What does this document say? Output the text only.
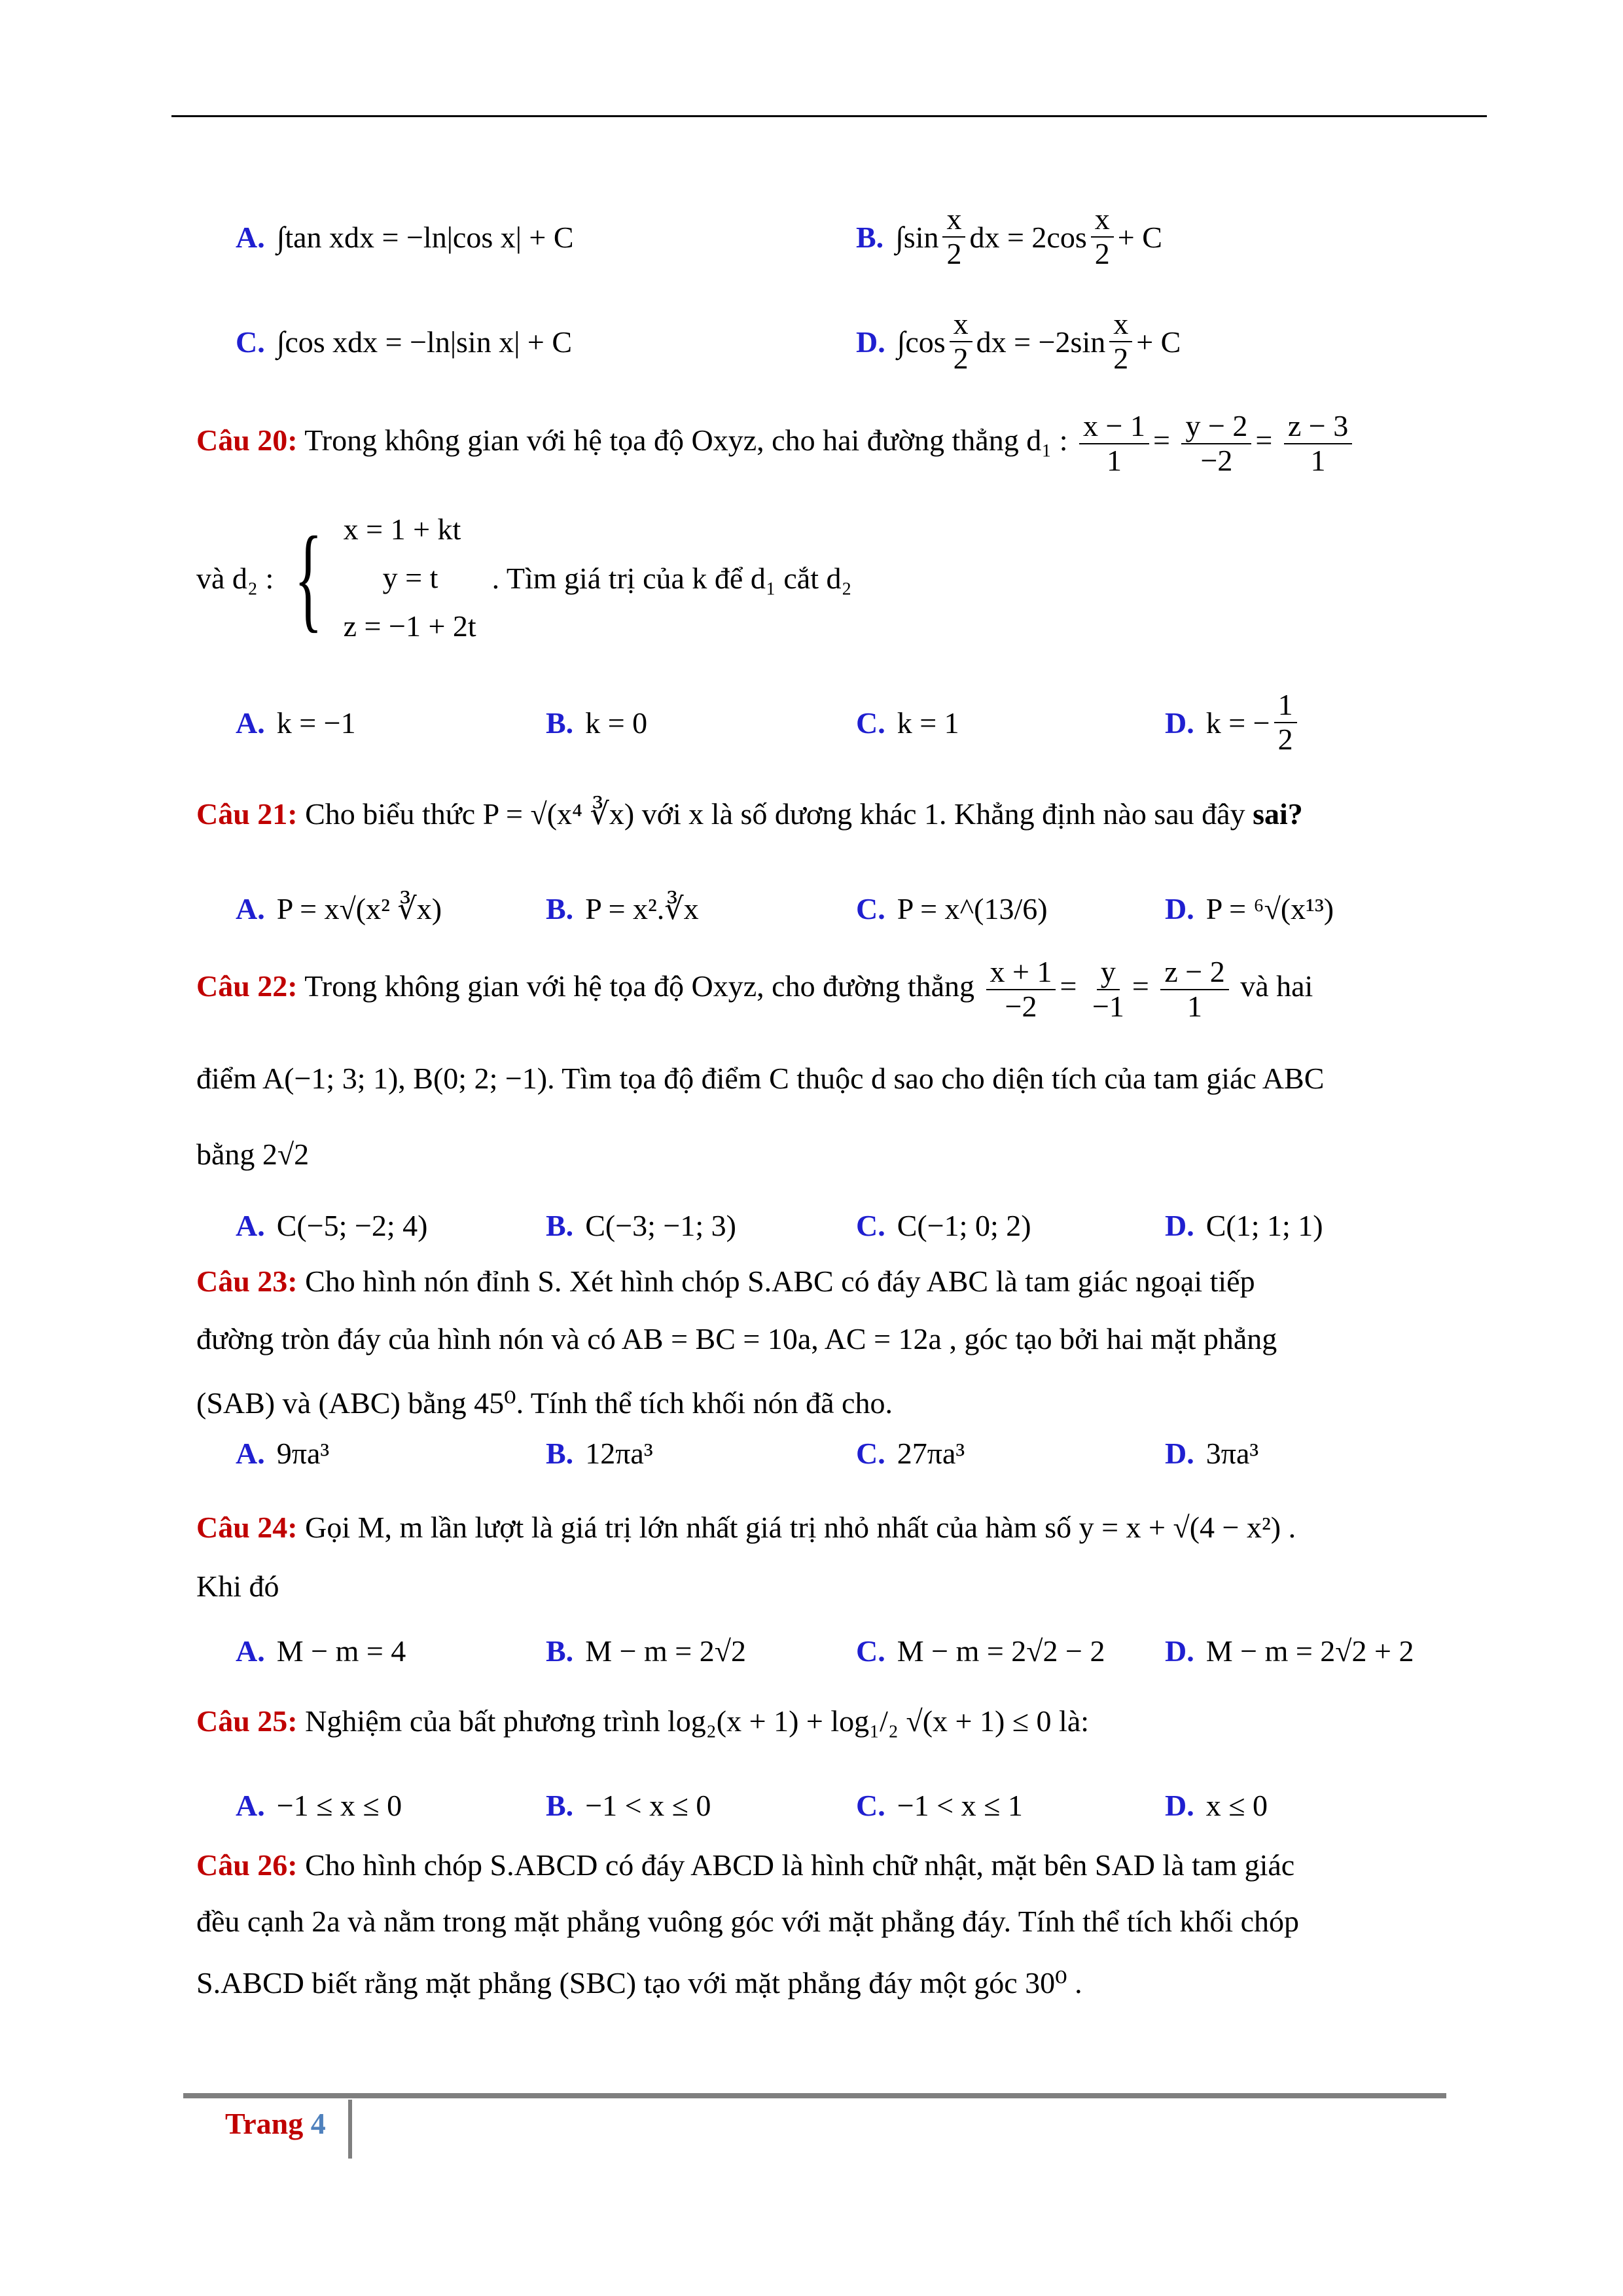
A. ∫tan xdx = −ln|cos x| + C	B. $\int\sin \frac{x}{2}$ dx = $2\cos \frac{x}{2} + C$
C. ∫cos xdx = −ln|sin x| + C	D. $\int\cos \frac{x}{2}$ dx = $-2\sin \frac{x}{2} + C$
Câu 20: Trong không gian với hệ tọa độ Oxyz, cho hai đường thẳng d₁ : $\frac{x - 1}{1} = \frac{y - 2}{-2} = \frac{z - 3}{1}$
và d₂ : { x = 1 + kt
y = t
z = −1 + 2t
. Tìm giá trị của k để d₁ cắt d₂
A. k = −1	B. k = 0	C. k = 1	D. k = − $\frac{1}{2}$
Câu 21: Cho biểu thức P = √(x⁴ ∛x) với x là số dương khác 1. Khẳng định nào sau đây sai?
A. P = x√(x² ∛x)	B. P = x².∛x	C. P = x^(13/6)	D. P = ⁶√(x¹³)
Câu 22: Trong không gian với hệ tọa độ Oxyz, cho đường thẳng $\frac{x + 1}{-2} = \frac{y}{-1} = \frac{z - 2}{1}$ và hai
điểm A(−1; 3; 1), B(0; 2; −1). Tìm tọa độ điểm C thuộc d sao cho diện tích của tam giác ABC
bằng 2√2
A. C(−5; −2; 4)	B. C(−3; −1; 3)	C. C(−1; 0; 2)	D. C(1; 1; 1)
Câu 23: Cho hình nón đỉnh S. Xét hình chóp S.ABC có đáy ABC là tam giác ngoại tiếp
đường tròn đáy của hình nón và có AB = BC = 10a, AC = 12a , góc tạo bởi hai mặt phẳng
(SAB) và (ABC) bằng 45⁰. Tính thể tích khối nón đã cho.
A. 9πa³	B. 12πa³	C. 27πa³	D. 3πa³
Câu 24: Gọi M, m lần lượt là giá trị lớn nhất giá trị nhỏ nhất của hàm số y = x + √(4 − x²) .
Khi đó
A. M − m = 4	B. M − m = 2√2	C. M − m = 2√2 − 2 D. M − m = 2√2 + 2
Câu 25: Nghiệm của bất phương trình log₂(x + 1) + log₁/₂ √(x + 1) ≤ 0 là:
A. −1 ≤ x ≤ 0	B. −1 < x ≤ 0	C. −1 < x ≤ 1	D. x ≤ 0
Câu 26: Cho hình chóp S.ABCD có đáy ABCD là hình chữ nhật, mặt bên SAD là tam giác
đều cạnh 2a và nằm trong mặt phẳng vuông góc với mặt phẳng đáy. Tính thể tích khối chóp
S.ABCD biết rằng mặt phẳng (SBC) tạo với mặt phẳng đáy một góc 30⁰ .
Trang 4
